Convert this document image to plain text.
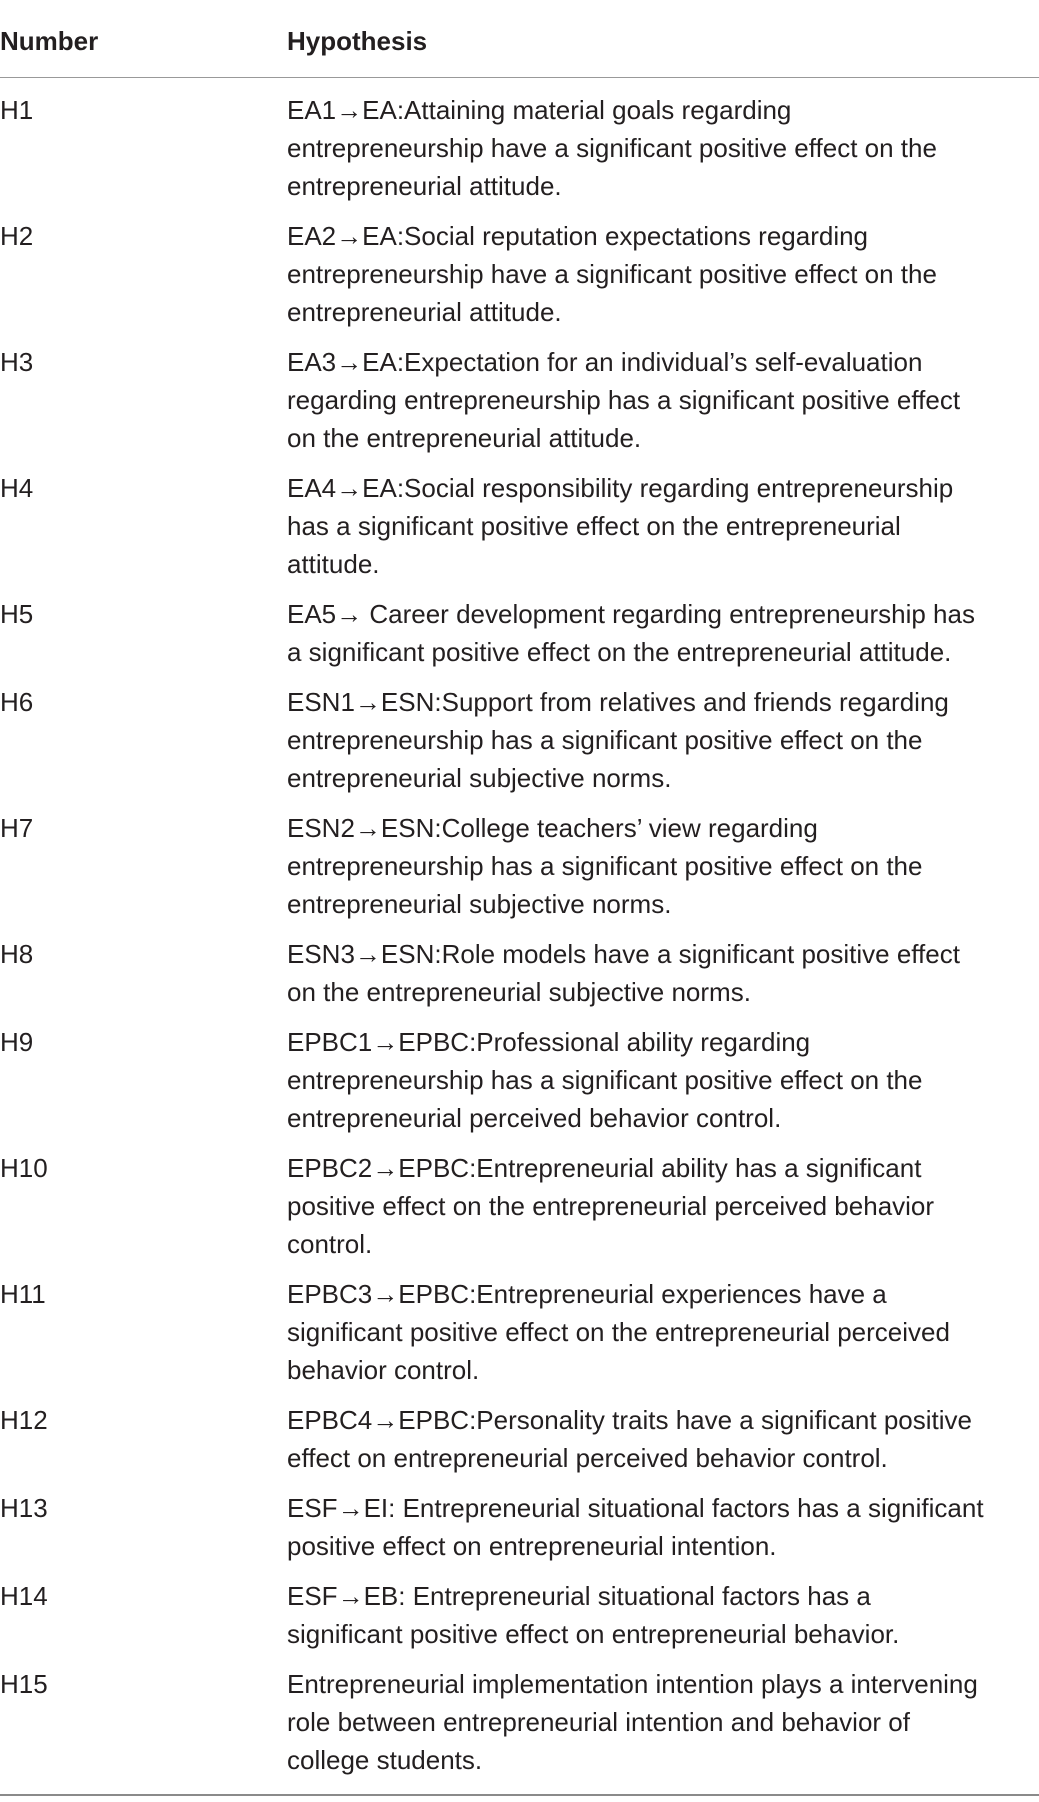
Number	Hypothesis
H1	EA1→EA:Attaining material goals regarding
entrepreneurship have a significant positive effect on the
entrepreneurial attitude.
H2	EA2→EA:Social reputation expectations regarding
entrepreneurship have a significant positive effect on the
entrepreneurial attitude.
H3	EA3→EA:Expectation for an individual’s self-evaluation
regarding entrepreneurship has a significant positive effect
on the entrepreneurial attitude.
H4	EA4→EA:Social responsibility regarding entrepreneurship
has a significant positive effect on the entrepreneurial
attitude.
H5	EA5→ Career development regarding entrepreneurship has
a significant positive effect on the entrepreneurial attitude.
H6	ESN1→ESN:Support from relatives and friends regarding
entrepreneurship has a significant positive effect on the
entrepreneurial subjective norms.
H7	ESN2→ESN:College teachers’ view regarding
entrepreneurship has a significant positive effect on the
entrepreneurial subjective norms.
H8	ESN3→ESN:Role models have a significant positive effect
on the entrepreneurial subjective norms.
H9	EPBC1→EPBC:Professional ability regarding
entrepreneurship has a significant positive effect on the
entrepreneurial perceived behavior control.
H10	EPBC2→EPBC:Entrepreneurial ability has a significant
positive effect on the entrepreneurial perceived behavior
control.
H11	EPBC3→EPBC:Entrepreneurial experiences have a
significant positive effect on the entrepreneurial perceived
behavior control.
H12	EPBC4→EPBC:Personality traits have a significant positive
effect on entrepreneurial perceived behavior control.
H13	ESF→EI: Entrepreneurial situational factors has a significant
positive effect on entrepreneurial intention.
H14	ESF→EB: Entrepreneurial situational factors has a
significant positive effect on entrepreneurial behavior.
H15	Entrepreneurial implementation intention plays a intervening
role between entrepreneurial intention and behavior of
college students.
